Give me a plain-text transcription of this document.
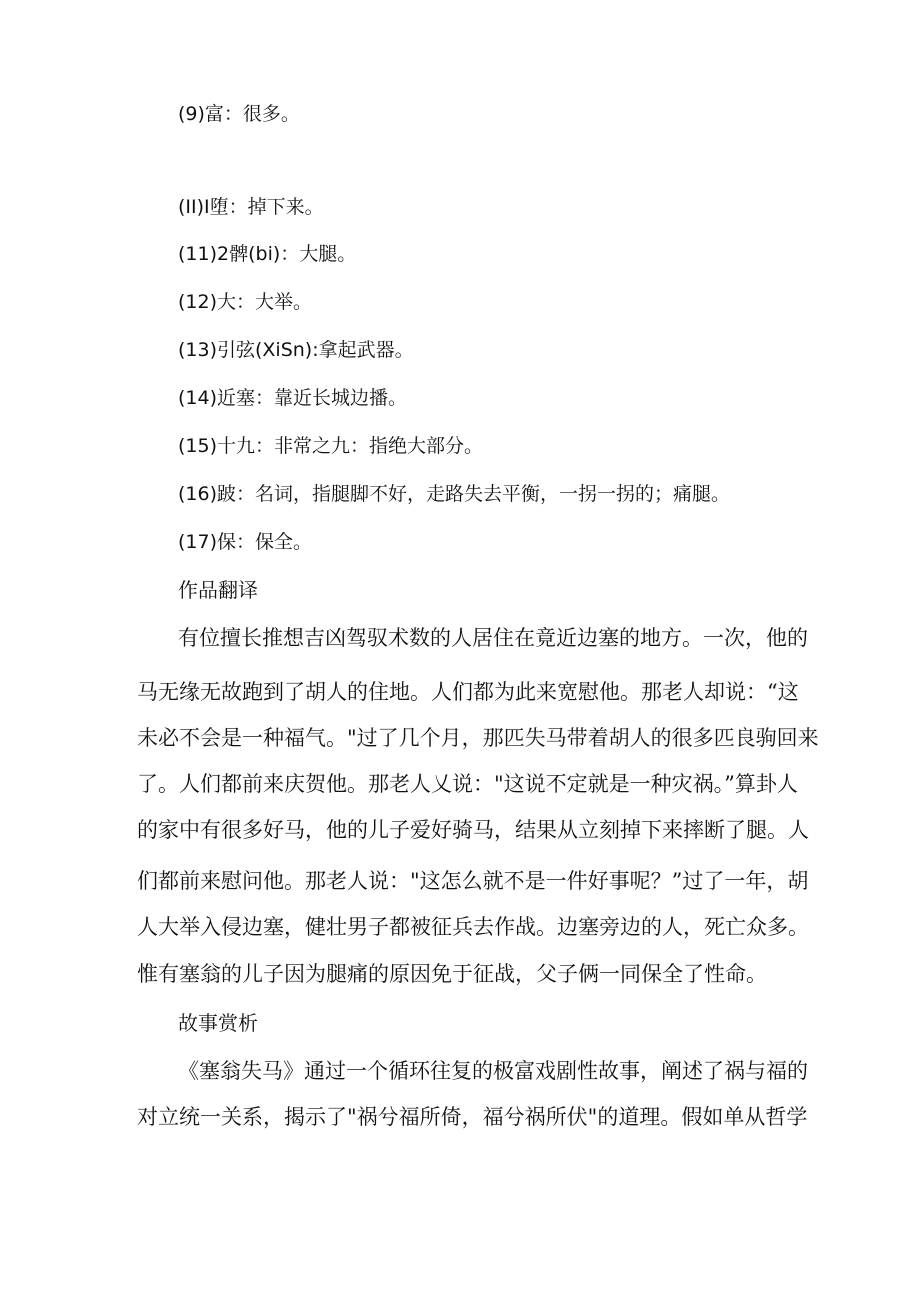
(9)富：很多。
(II)I堕：掉下来。
(11)2髀(bi)：大腿。
(12)大：大举。
(13)引弦(XiSn):拿起武器。
(14)近塞：靠近长城边播。
(15)十九：非常之九：指绝大部分。
(16)跛：名词，指腿脚不好，走路失去平衡，一拐一拐的；痛腿。
(17)保：保全。
作品翻译
有位擅长推想吉凶驾驭术数的人居住在竟近边塞的地方。一次，他的
马无缘无故跑到了胡人的住地。人们都为此来宽慰他。那老人却说：“这
未必不会是一种福气。"过了几个月，那匹失马带着胡人的很多匹良驹回来
了。人们都前来庆贺他。那老人乂说："这说不定就是一种灾祸。”算卦人
的家中有很多好马，他的儿子爱好骑马，结果从立刻掉下来摔断了腿。人
们都前来慰问他。那老人说："这怎么就不是一件好事呢？”过了一年，胡
人大举入侵边塞，健壮男子都被征兵去作战。边塞旁边的人，死亡众多。
惟有塞翁的儿子因为腿痛的原因免于征战，父子俩一同保全了性命。
故事赏析
《塞翁失马》通过一个循环往复的极富戏剧性故事，阐述了祸与福的
对立统一关系，揭示了"祸兮福所倚，福兮祸所伏"的道理。假如单从哲学
